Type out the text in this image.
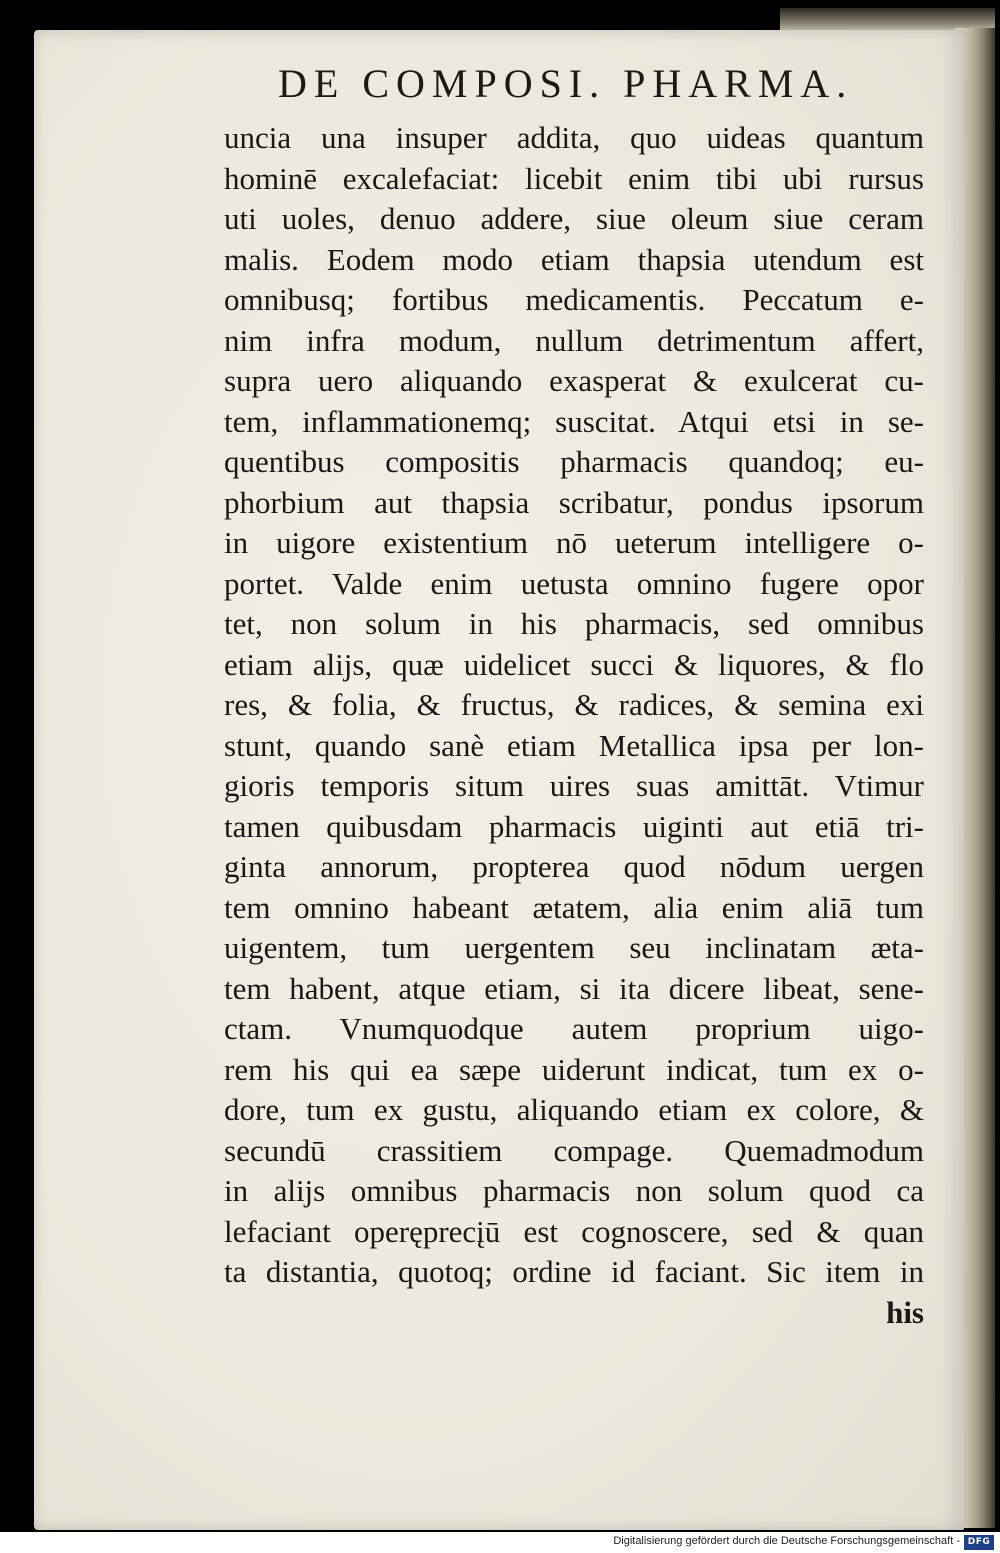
DE COMPOSI. PHARMA.
uncia una insuper addita, quo uideas quantum
hominē excalefaciat: licebit enim tibi ubi rursus
uti uoles, denuo addere, siue oleum siue ceram
malis. Eodem modo etiam thapsia utendum est
omnibusq; fortibus medicamentis. Peccatum e-
nim infra modum, nullum detrimentum affert,
supra uero aliquando exasperat & exulcerat cu-
tem, inflammationemq; suscitat. Atqui etsi in se-
quentibus compositis pharmacis quandoq; eu-
phorbium aut thapsia scribatur, pondus ipsorum
in uigore existentium nō ueterum intelligere o-
portet. Valde enim uetusta omnino fugere opor
tet, non solum in his pharmacis, sed omnibus
etiam alijs, quæ uidelicet succi & liquores, & flo
res, & folia, & fructus, & radices, & semina exi
stunt, quando sanè etiam Metallica ipsa per lon-
gioris temporis situm uires suas amittāt. Vtimur
tamen quibusdam pharmacis uiginti aut etiā tri-
ginta annorum, propterea quod nōdum uergen
tem omnino habeant ætatem, alia enim aliā tum
uigentem, tum uergentem seu inclinatam æta-
tem habent, atque etiam, si ita dicere libeat, sene-
ctam. Vnumquodque autem proprium uigo-
rem his qui ea sæpe uiderunt indicat, tum ex o-
dore, tum ex gustu, aliquando etiam ex colore, &
secundū crassitiem compage. Quemadmodum
in alijs omnibus pharmacis non solum quod ca
lefaciant operęprecįū est cognoscere, sed & quan
ta distantia, quotoq; ordine id faciant. Sic item in
his
Digitalisierung gefördert durch die Deutsche Forschungsgemeinschaft - DFG
